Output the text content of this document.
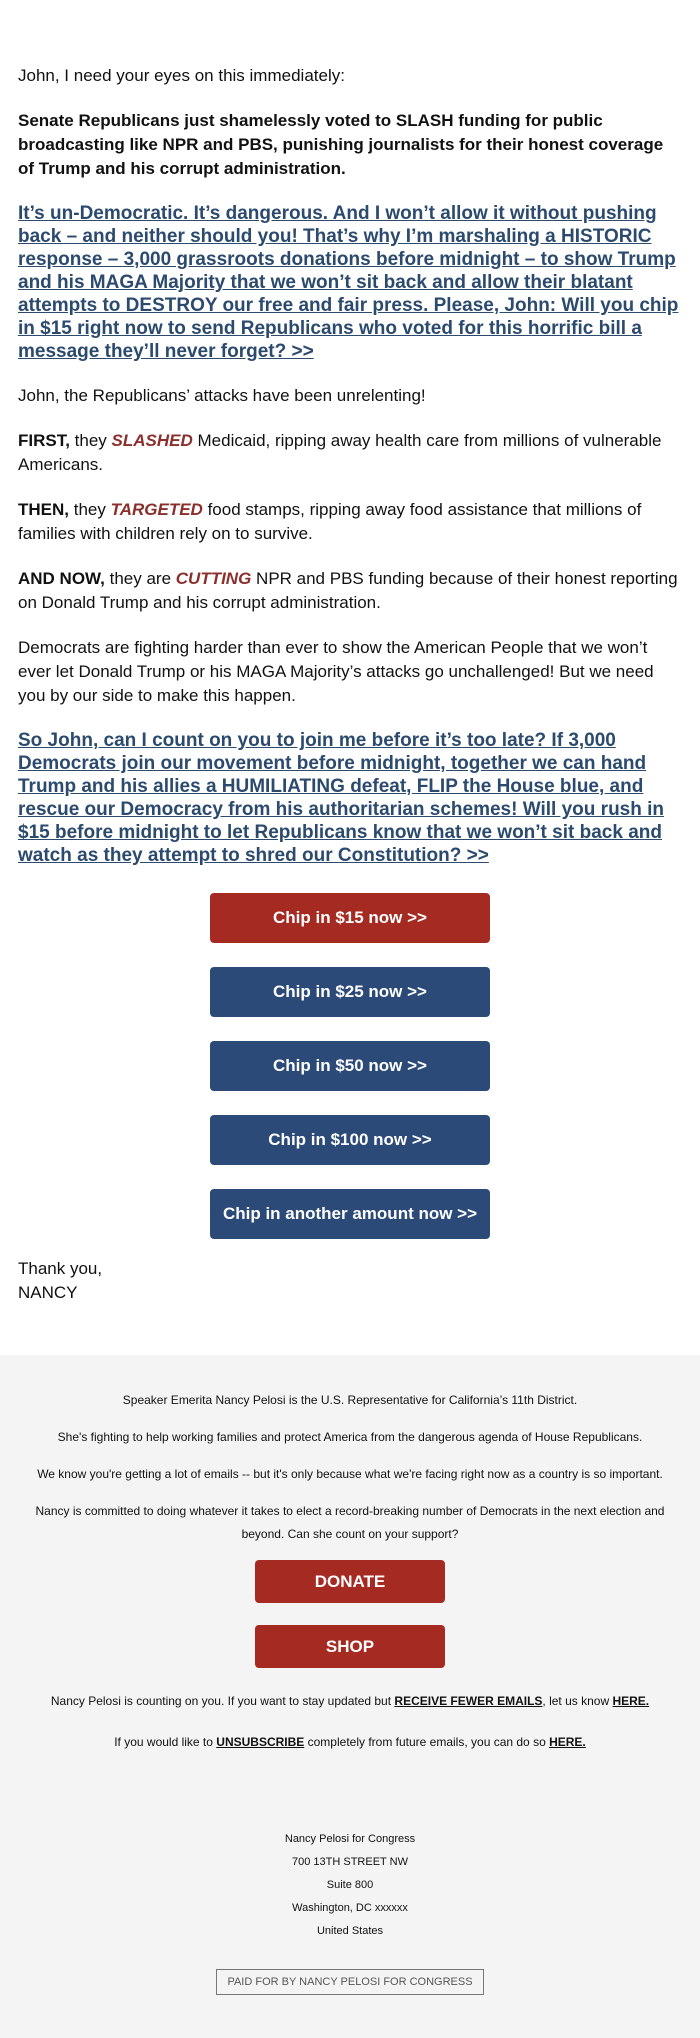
John, I need your eyes on this immediately:

Senate Republicans just shamelessly voted to SLASH funding for public broadcasting like NPR and PBS, punishing journalists for their honest coverage of Trump and his corrupt administration.

It’s un-Democratic. It’s dangerous. And I won’t allow it without pushing back – and neither should you! That’s why I’m marshaling a HISTORIC response – 3,000 grassroots donations before midnight – to show Trump and his MAGA Majority that we won’t sit back and allow their blatant attempts to DESTROY our free and fair press. Please, John: Will you chip in $15 right now to send Republicans who voted for this horrific bill a message they’ll never forget? >>

John, the Republicans’ attacks have been unrelenting!

FIRST, they SLASHED Medicaid, ripping away health care from millions of vulnerable Americans.

THEN, they TARGETED food stamps, ripping away food assistance that millions of families with children rely on to survive.

AND NOW, they are CUTTING NPR and PBS funding because of their honest reporting on Donald Trump and his corrupt administration.

Democrats are fighting harder than ever to show the American People that we won’t ever let Donald Trump or his MAGA Majority’s attacks go unchallenged! But we need you by our side to make this happen.

So John, can I count on you to join me before it’s too late? If 3,000 Democrats join our movement before midnight, together we can hand Trump and his allies a HUMILIATING defeat, FLIP the House blue, and rescue our Democracy from his authoritarian schemes! Will you rush in $15 before midnight to let Republicans know that we won’t sit back and watch as they attempt to shred our Constitution? >>
Chip in $15 now >>
Chip in $25 now >>
Chip in $50 now >>
Chip in $100 now >>
Chip in another amount now >>
Thank you,
NANCY

Speaker Emerita Nancy Pelosi is the U.S. Representative for California’s 11th District.

She's fighting to help working families and protect America from the dangerous agenda of House Republicans.

We know you're getting a lot of emails -- but it's only because what we're facing right now as a country is so important.

Nancy is committed to doing whatever it takes to elect a record-breaking number of Democrats in the next election and beyond. Can she count on your support?

DONATE
SHOP

Nancy Pelosi is counting on you. If you want to stay updated but RECEIVE FEWER EMAILS, let us know HERE.

If you would like to UNSUBSCRIBE completely from future emails, you can do so HERE.

Nancy Pelosi for Congress
700 13TH STREET NW
Suite 800
Washington, DC xxxxxx
United States
PAID FOR BY NANCY PELOSI FOR CONGRESS
